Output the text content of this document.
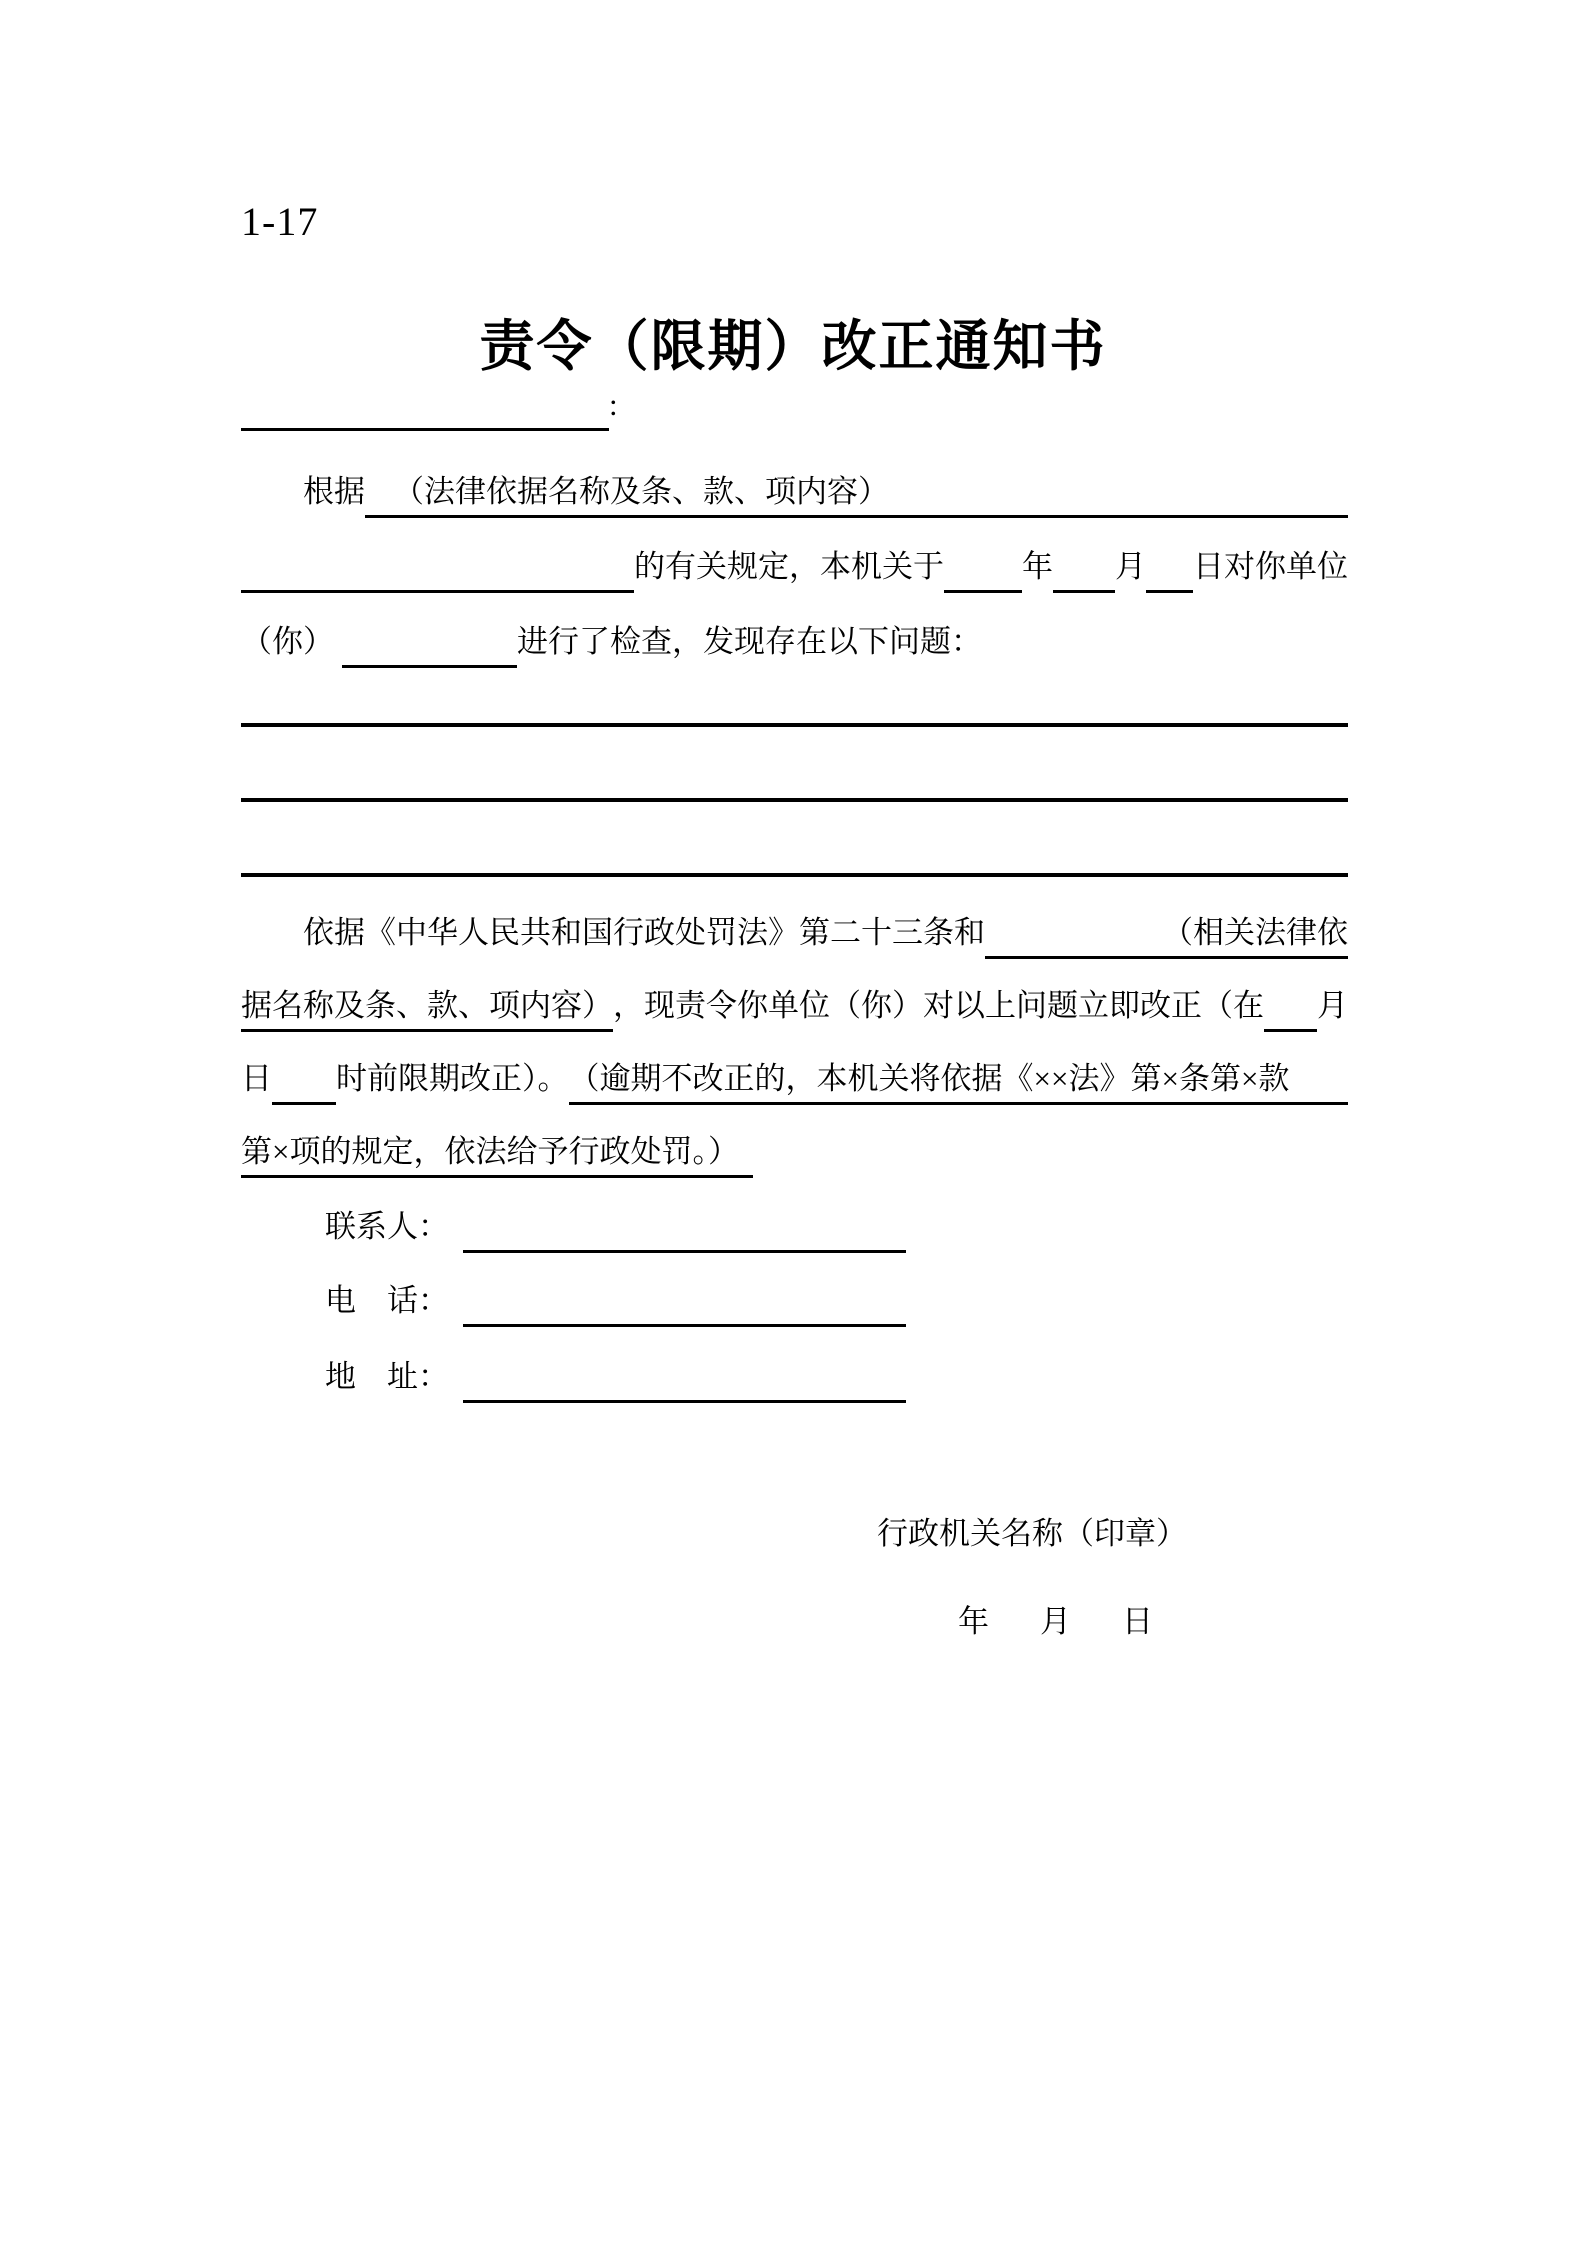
1-17
责令（限期）改正通知书
:
根据 （法律依据名称及条、款、项内容）
的有关规定，本机关于	年 月 日对你单位
（你）	进行了检查，发现存在以下问题：
依据《中华人民共和国行政处罚法》第二十三条和	（相关法律依
据名称及条、款、项内容） ，现责令你单位（你）对以上问题立即改正（在 月
日 时前限期改正）。 （逾期不改正的，本机关将依据《××法》第×条第×款
第×项的规定，依法给予行政处罚。）
联系人：
电　话：
地　址：
行政机关名称（印章）
年　月　日
